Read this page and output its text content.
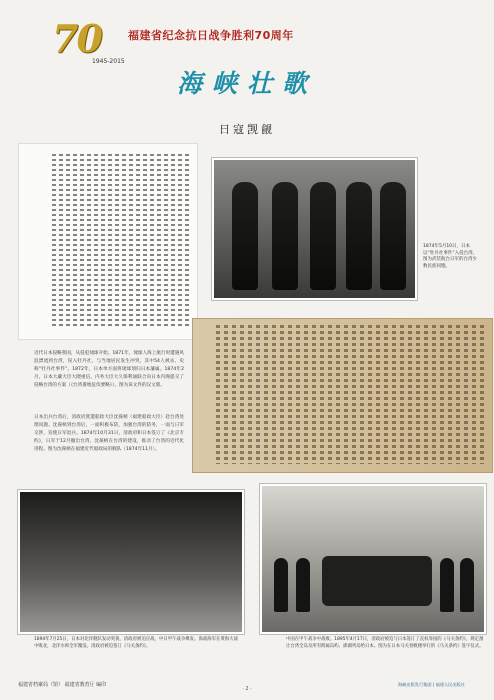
70
1945-2015
福建省纪念抗日战争胜利70周年
海峡壮歌
日寇觊觎
1874年5月10日，日本以“牡丹社事件”入侵台湾。图为武装航台日军的台湾少数民族同胞。
近代日本侵略我国，从侵犯琉球开始。1871年，琉球人海上航行时遭遇风浪漂流到台湾，误入牡丹社，与当地居民发生冲突，其中54人被杀，史称“牡丹社事件”。1872年，日本单方面将琉球划归日本藩属。1874年2月，日本大藏大臣大隈重信、内务大臣大久保利通联合向日本内阁提交了侵略台湾的方案（《台湾番地征伐要略》）。图为该文件的汉文版。
日本出兵台湾后，清政府派遣船政大臣沈葆桢（福建船政大臣）赴台湾处理问题。沈葆桢到台湾后，一面积极布防，加强台湾的防务，一面与日军交涉，迫使日军退兵。1874年10月31日，清政府和日本签订了《北京专约》，日军于12月撤出台湾。沈葆桢在台湾的建设，推动了台湾的近代化进程。图为沈葆桢在福建近代船政局的舰队（1874年11月）。
1894年7月25日，日本对北洋舰队发动突袭，清政府被迫应战，中日甲午战争爆发。海战海军在黄海大战中败北，北洋水师全军覆没。清政府被迫签订《马关条约》。
中国在甲午战争中战败。1895年4月17日，清政府被迫与日本签订了丧权辱国的《马关条约》，规定割让台湾全岛及所有附属岛屿、澎湖列岛给日本。图为在日本马关春帆楼举行的《马关条约》签字仪式。
福建省档案局（馆） 福建省教育厅 编印
· 2 ·
海峡出版发行集团 | 福建人民出版社
